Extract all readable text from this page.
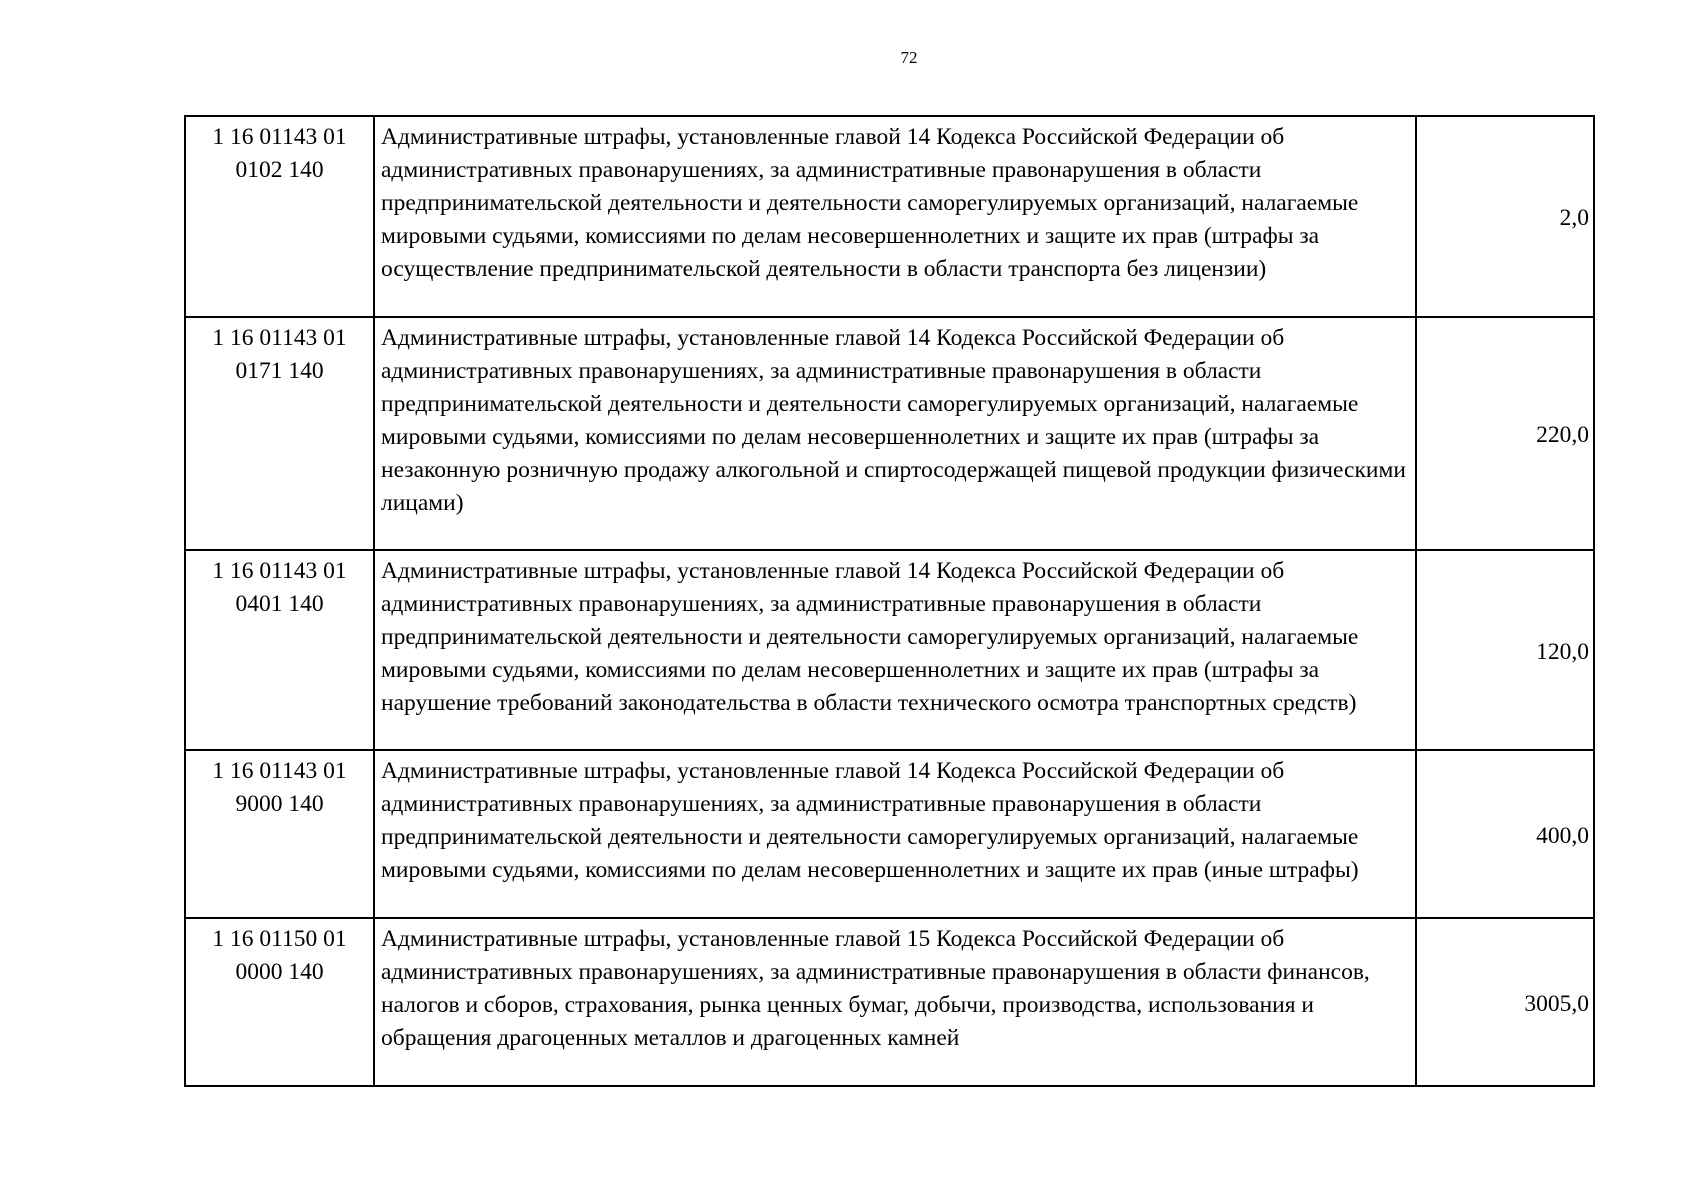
72
1 16 01143 01
0102 140	Административные штрафы, установленные главой 14 Кодекса Российской Федерации об административных правонарушениях, за административные правонарушения в области предпринимательской деятельности и деятельности саморегулируемых организаций, налагаемые мировыми судьями, комиссиями по делам несовершеннолетних и защите их прав (штрафы за осуществление предпринимательской деятельности в области транспорта без лицензии)	2,0

1 16 01143 01
0171 140	Административные штрафы, установленные главой 14 Кодекса Российской Федерации об административных правонарушениях, за административные правонарушения в области предпринимательской деятельности и деятельности саморегулируемых организаций, налагаемые мировыми судьями, комиссиями по делам несовершеннолетних и защите их прав (штрафы за незаконную розничную продажу алкогольной и спиртосодержащей пищевой продукции физическими лицами)	220,0

1 16 01143 01
0401 140	Административные штрафы, установленные главой 14 Кодекса Российской Федерации об административных правонарушениях, за административные правонарушения в области предпринимательской деятельности и деятельности саморегулируемых организаций, налагаемые мировыми судьями, комиссиями по делам несовершеннолетних и защите их прав (штрафы за нарушение требований законодательства в области технического осмотра транспортных средств)	120,0

1 16 01143 01
9000 140	Административные штрафы, установленные главой 14 Кодекса Российской Федерации об административных правонарушениях, за административные правонарушения в области предпринимательской деятельности и деятельности саморегулируемых организаций, налагаемые мировыми судьями, комиссиями по делам несовершеннолетних и защите их прав (иные штрафы)	400,0

1 16 01150 01
0000 140	Административные штрафы, установленные главой 15 Кодекса Российской Федерации об административных правонарушениях, за административные правонарушения в области финансов, налогов и сборов, страхования, рынка ценных бумаг, добычи, производства, использования и обращения драгоценных металлов и драгоценных камней	3005,0
